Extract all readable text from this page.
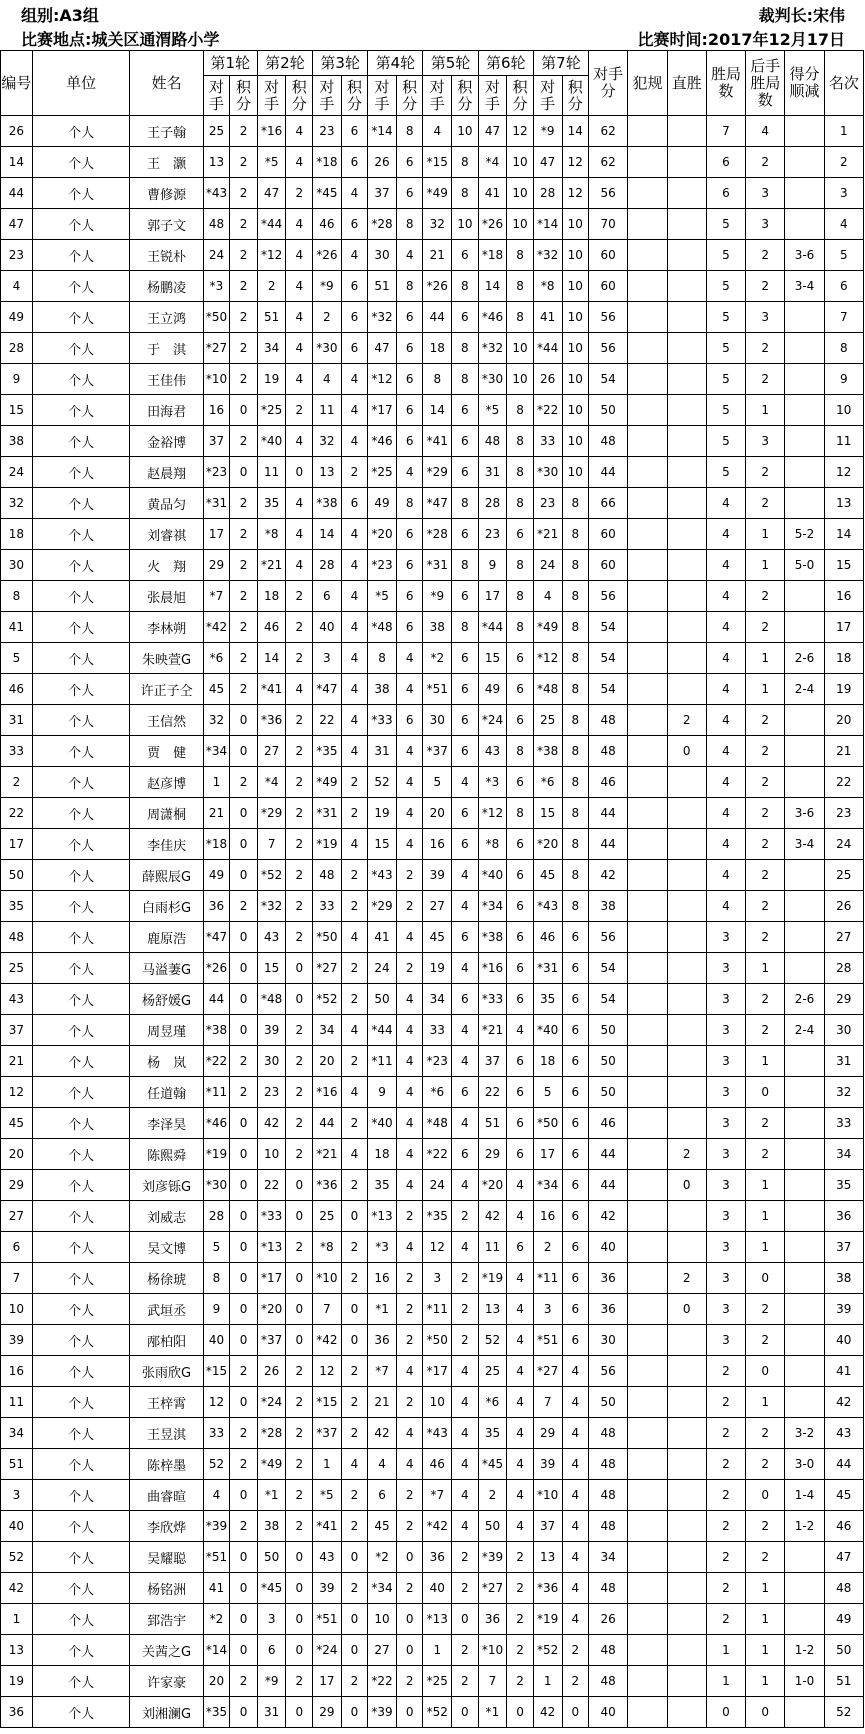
组别:A3组	裁判长:宋伟
比赛地点:城关区通渭路小学	比赛时间:2017年12月17日
编号	单位	姓名	第1轮		第2轮		第3轮		第4轮		第5轮		第6轮		第7轮		对手分	犯规	直胜	胜局数	后手胜局数	得分顺减	名次
			对手	积分	对手	积分	对手	积分	对手	积分	对手	积分	对手	积分	对手	积分							
26	个人	王子翰	25	2	*16	4	23	6	*14	8	4	10	47	12	*9	14	62			7	4		1
14	个人	王　灏	13	2	*5	4	*18	6	26	6	*15	8	*4	10	47	12	62			6	2		2
44	个人	曹修源	*43	2	47	2	*45	4	37	6	*49	8	41	10	28	12	56			6	3		3
47	个人	郭子文	48	2	*44	4	46	6	*28	8	32	10	*26	10	*14	10	70			5	3		4
23	个人	王锐朴	24	2	*12	4	*26	4	30	4	21	6	*18	8	*32	10	60			5	2	3-6	5
4	个人	杨鹏凌	*3	2	2	4	*9	6	51	8	*26	8	14	8	*8	10	60			5	2	3-4	6
49	个人	王立鸿	*50	2	51	4	2	6	*32	6	44	6	*46	8	41	10	56			5	3		7
28	个人	于　淇	*27	2	34	4	*30	6	47	6	18	8	*32	10	*44	10	56			5	2		8
9	个人	王佳伟	*10	2	19	4	4	4	*12	6	8	8	*30	10	26	10	54			5	2		9
15	个人	田海君	16	0	*25	2	11	4	*17	6	14	6	*5	8	*22	10	50			5	1		10
38	个人	金裕博	37	2	*40	4	32	4	*46	6	*41	6	48	8	33	10	48			5	3		11
24	个人	赵晨翔	*23	0	11	0	13	2	*25	4	*29	6	31	8	*30	10	44			5	2		12
32	个人	黄品匀	*31	2	35	4	*38	6	49	8	*47	8	28	8	23	8	66			4	2		13
18	个人	刘睿祺	17	2	*8	4	14	4	*20	6	*28	6	23	6	*21	8	60			4	1	5-2	14
30	个人	火　翔	29	2	*21	4	28	4	*23	6	*31	8	9	8	24	8	60			4	1	5-0	15
8	个人	张晨旭	*7	2	18	2	6	4	*5	6	*9	6	17	8	4	8	56			4	2		16
41	个人	李林朔	*42	2	46	2	40	4	*48	6	38	8	*44	8	*49	8	54			4	2		17
5	个人	朱映萱G	*6	2	14	2	3	4	8	4	*2	6	15	6	*12	8	54			4	1	2-6	18
46	个人	许正子仝	45	2	*41	4	*47	4	38	4	*51	6	49	6	*48	8	54			4	1	2-4	19
31	个人	王信然	32	0	*36	2	22	4	*33	6	30	6	*24	6	25	8	48		2	4	2		20
33	个人	贾　健	*34	0	27	2	*35	4	31	4	*37	6	43	8	*38	8	48		0	4	2		21
2	个人	赵彦博	1	2	*4	2	*49	2	52	4	5	4	*3	6	*6	8	46			4	2		22
22	个人	周潇桐	21	0	*29	2	*31	2	19	4	20	6	*12	8	15	8	44			4	2	3-6	23
17	个人	李佳庆	*18	0	7	2	*19	4	15	4	16	6	*8	6	*20	8	44			4	2	3-4	24
50	个人	薛熙辰G	49	0	*52	2	48	2	*43	2	39	4	*40	6	45	8	42			4	2		25
35	个人	白雨杉G	36	2	*32	2	33	2	*29	2	27	4	*34	6	*43	8	38			4	2		26
48	个人	鹿原浩	*47	0	43	2	*50	4	41	4	45	6	*38	6	46	6	56			3	2		27
25	个人	马溢萋G	*26	0	15	0	*27	2	24	2	19	4	*16	6	*31	6	54			3	1		28
43	个人	杨舒媛G	44	0	*48	0	*52	2	50	4	34	6	*33	6	35	6	54			3	2	2-6	29
37	个人	周昱瑾	*38	0	39	2	34	4	*44	4	33	4	*21	4	*40	6	50			3	2	2-4	30
21	个人	杨　岚	*22	2	30	2	20	2	*11	4	*23	4	37	6	18	6	50			3	1		31
12	个人	任道翰	*11	2	23	2	*16	4	9	4	*6	6	22	6	5	6	50			3	0		32
45	个人	李泽昊	*46	0	42	2	44	2	*40	4	*48	4	51	6	*50	6	46			3	2		33
20	个人	陈熙舜	*19	0	10	2	*21	4	18	4	*22	6	29	6	17	6	44		2	3	2		34
29	个人	刘彦铄G	*30	0	22	0	*36	2	35	4	24	4	*20	4	*34	6	44		0	3	1		35
27	个人	刘威志	28	0	*33	0	25	0	*13	2	*35	2	42	4	16	6	42			3	1		36
6	个人	吴文博	5	0	*13	2	*8	2	*3	4	12	4	11	6	2	6	40			3	1		37
7	个人	杨徐琥	8	0	*17	0	*10	2	16	2	3	2	*19	4	*11	6	36		2	3	0		38
10	个人	武垣丞	9	0	*20	0	7	0	*1	2	*11	2	13	4	3	6	36		0	3	2		39
39	个人	邴柏阳	40	0	*37	0	*42	0	36	2	*50	2	52	4	*51	6	30			3	2		40
16	个人	张雨欣G	*15	2	26	2	12	2	*7	4	*17	4	25	4	*27	4	56			2	0		41
11	个人	王梓霄	12	0	*24	2	*15	2	21	2	10	4	*6	4	7	4	50			2	1		42
34	个人	王昱淇	33	2	*28	2	*37	2	42	4	*43	4	35	4	29	4	48			2	2	3-2	43
51	个人	陈梓墨	52	2	*49	2	1	4	4	4	46	4	*45	4	39	4	48			2	2	3-0	44
3	个人	曲睿暄	4	0	*1	2	*5	2	6	2	*7	4	2	4	*10	4	48			2	0	1-4	45
40	个人	李欣烨	*39	2	38	2	*41	2	45	2	*42	4	50	4	37	4	48			2	2	1-2	46
52	个人	吴耀聪	*51	0	50	0	43	0	*2	0	36	2	*39	2	13	4	34			2	2		47
42	个人	杨铭洲	41	0	*45	0	39	2	*34	2	40	2	*27	2	*36	4	48			2	1		48
1	个人	郅浩宇	*2	0	3	0	*51	0	10	0	*13	0	36	2	*19	4	26			2	1		49
13	个人	关茜之G	*14	0	6	0	*24	0	27	0	1	2	*10	2	*52	2	48			1	1	1-2	50
19	个人	许家豪	20	2	*9	2	17	2	*22	2	*25	2	7	2	1	2	48			1	1	1-0	51
36	个人	刘湘澜G	*35	0	31	0	29	0	*39	0	*52	0	*1	0	42	0	40			0	0		52
